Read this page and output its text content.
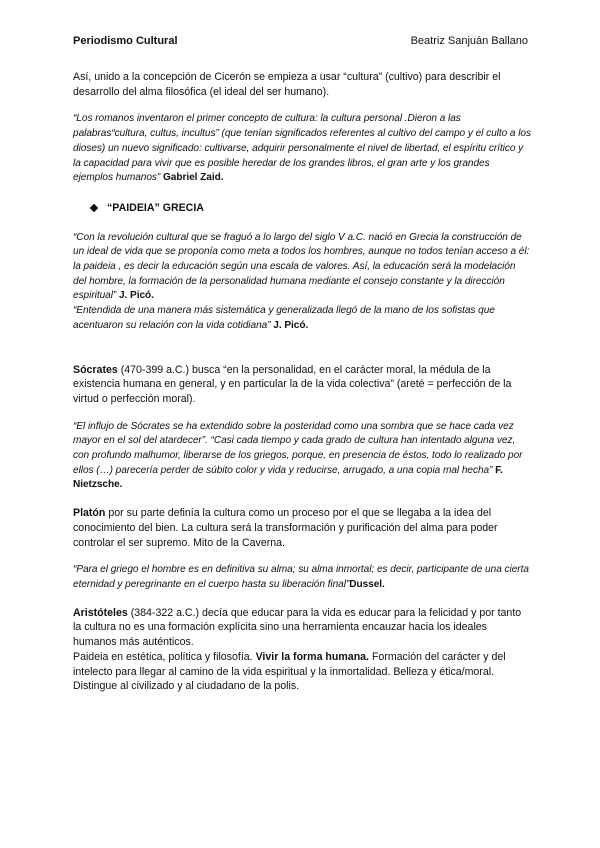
Periodismo Cultural	Beatriz Sanjuán Ballano

Así, unido a la concepción de Cicerón se empieza a usar “cultura” (cultivo) para describir el desarrollo del alma filosófica (el ideal del ser humano).

“Los romanos inventaron el primer concepto de cultura: la cultura personal .Dieron a las palabras“cultura, cultus, incultus” (que tenían significados referentes al cultivo del campo y el culto a los dioses) un nuevo significado: cultivarse, adquirir personalmente el nivel de libertad, el espíritu crítico y la capacidad para vivir que es posible heredar de los grandes libros, el gran arte y los grandes ejemplos humanos” Gabriel Zaid.

“PAIDEIA” GRECIA

“Con la revolución cultural que se fraguó a lo largo del siglo V a.C. nació en Grecia la construcción de un ideal de vida que se proponía como meta a todos los hombres, aunque no todos tenían acceso a él: la paideia , es decir la educación según una escala de valores. Así, la educación será la modelación del hombre, la formación de la personalidad humana mediante el consejo constante y la dirección espiritual” J. Picó.

“Entendida de una manera más sistemática y generalizada llegó de la mano de los sofistas que acentuaron su relación con la vida cotidiana” J. Picó.

Sócrates (470-399 a.C.) busca “en la personalidad, en el carácter moral, la médula de la existencia humana en general, y en particular la de la vida colectiva” (areté = perfección de la virtud o perfección moral).

“El influjo de Sócrates se ha extendido sobre la posteridad como una sombra que se hace cada vez mayor en el sol del atardecer”. “Casi cada tiempo y cada grado de cultura han intentado alguna vez, con profundo malhumor, liberarse de los griegos, porque, en presencia de éstos, todo lo realizado por ellos (…) parecería perder de súbito color y vida y reducirse, arrugado, a una copia mal hecha” F. Nietzsche.

Platón por su parte definía la cultura como un proceso por el que se llegaba a la idea del conocimiento del bien. La cultura será la transformación y purificación del alma para poder controlar el ser supremo. Mito de la Caverna.

“Para el griego el hombre es en definitiva su alma; su alma inmortal; es decir, participante de una cierta eternidad y peregrinante en el cuerpo hasta su liberación final”Dussel.

Aristóteles (384-322 a.C.) decía que educar para la vida es educar para la felicidad y por tanto la cultura no es una formación explícita sino una herramienta encauzar hacia los ideales humanos más auténticos.

Paideia en estética, política y filosofía. Vivir la forma humana. Formación del carácter y del intelecto para llegar al camino de la vida espiritual y la inmortalidad. Belleza y ética/moral. Distingue al civilizado y al ciudadano de la polis.
